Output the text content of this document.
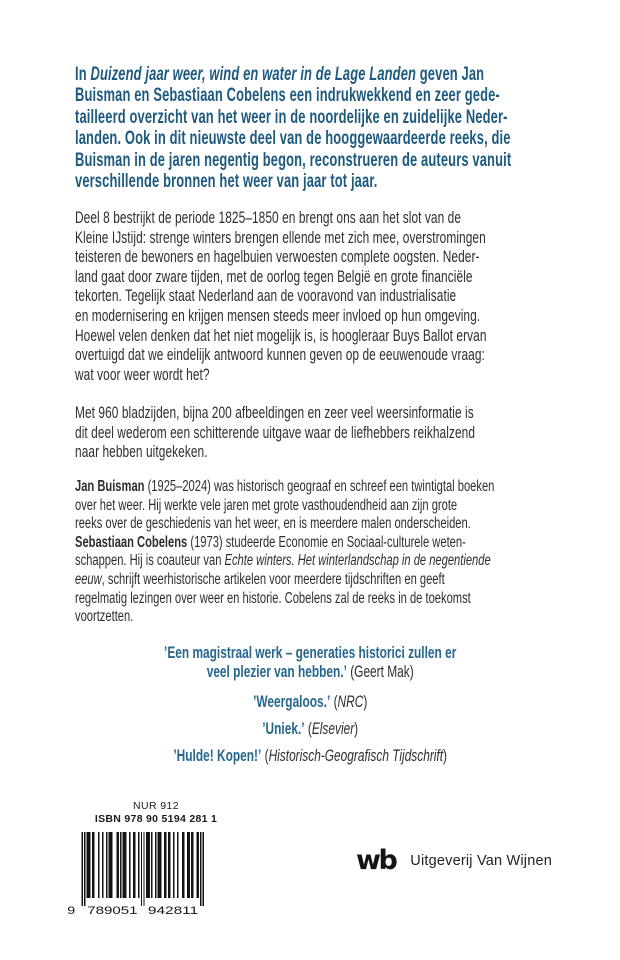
In Duizend jaar weer, wind en water in de Lage Landen geven Jan
Buisman en Sebastiaan Cobelens een indrukwekkend en zeer gede-
tailleerd overzicht van het weer in de noordelijke en zuidelijke Neder-
landen. Ook in dit nieuwste deel van de hooggewaardeerde reeks, die
Buisman in de jaren negentig begon, reconstrueren de auteurs vanuit
verschillende bronnen het weer van jaar tot jaar.
Deel 8 bestrijkt de periode 1825–1850 en brengt ons aan het slot van de
Kleine IJstijd: strenge winters brengen ellende met zich mee, overstromingen
teisteren de bewoners en hagelbuien verwoesten complete oogsten. Neder-
land gaat door zware tijden, met de oorlog tegen België en grote financiële
tekorten. Tegelijk staat Nederland aan de vooravond van industrialisatie
en modernisering en krijgen mensen steeds meer invloed op hun omgeving.
Hoewel velen denken dat het niet mogelijk is, is hoogleraar Buys Ballot ervan
overtuigd dat we eindelijk antwoord kunnen geven op de eeuwenoude vraag:
wat voor weer wordt het?
Met 960 bladzijden, bijna 200 afbeeldingen en zeer veel weersinformatie is
dit deel wederom een schitterende uitgave waar de liefhebbers reikhalzend
naar hebben uitgekeken.
Jan Buisman (1925–2024) was historisch geograaf en schreef een twintigtal boeken
over het weer. Hij werkte vele jaren met grote vasthoudendheid aan zijn grote
reeks over de geschiedenis van het weer, en is meerdere malen onderscheiden.
Sebastiaan Cobelens (1973) studeerde Economie en Sociaal-culturele weten-
schappen. Hij is coauteur van Echte winters. Het winterlandschap in de negentiende
eeuw, schrijft weerhistorische artikelen voor meerdere tijdschriften en geeft
regelmatig lezingen over weer en historie. Cobelens zal de reeks in de toekomst
voortzetten.
’Een magistraal werk – generaties historici zullen er
veel plezier van hebben.’ (Geert Mak)
’Weergaloos.’ (NRC)
’Uniek.’ (Elsevier)
’Hulde! Kopen!’ (Historisch-Geografisch Tijdschrift)
NUR 912
ISBN 978 90 5194 281 1
9 789051 942811
wb Uitgeverij Van Wijnen
